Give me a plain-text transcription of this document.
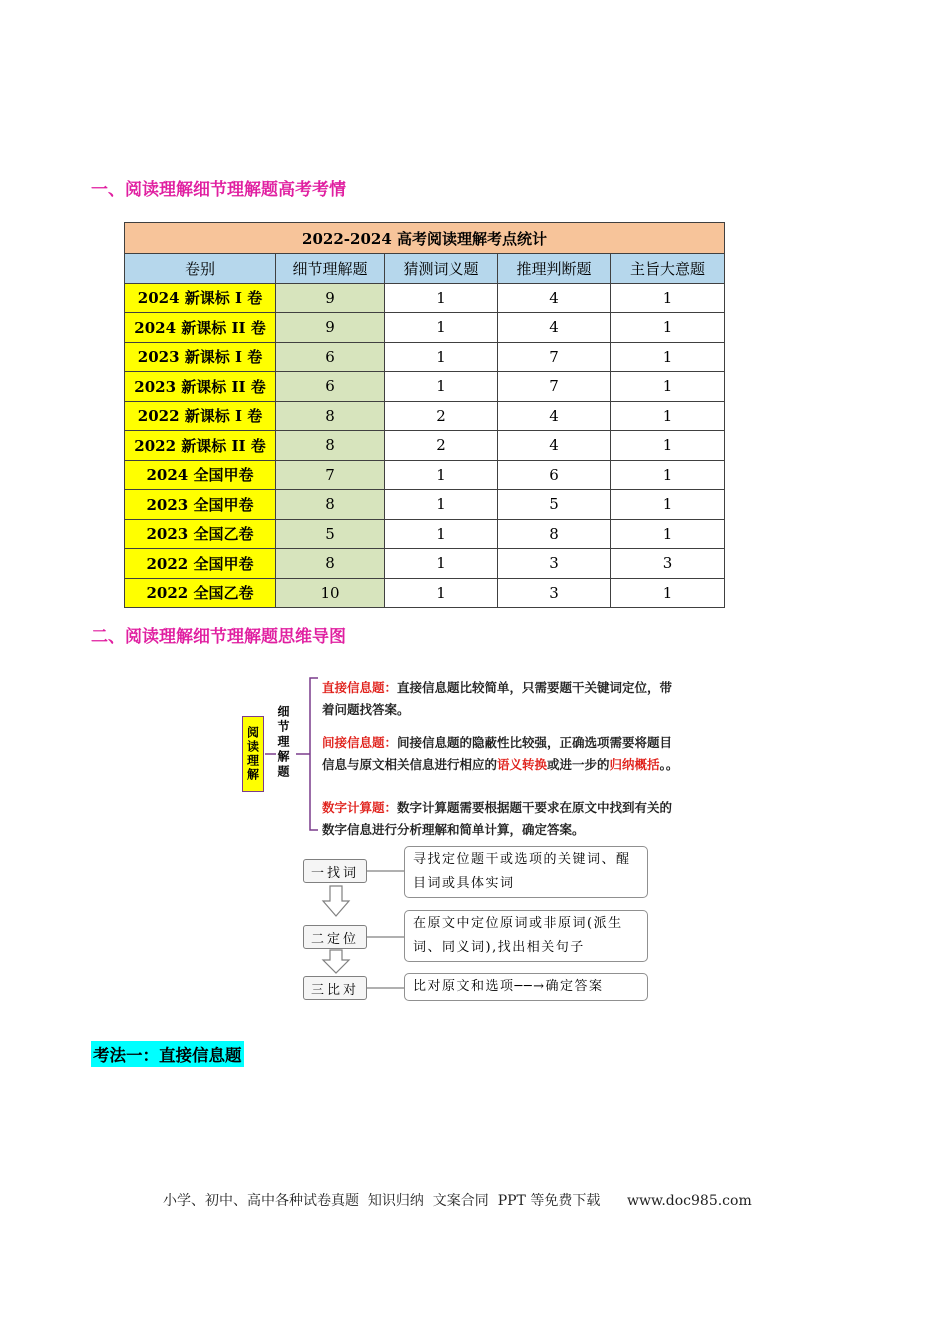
一、阅读理解细节理解题高考考情
2022-2024 高考阅读理解考点统计				
卷别	细节理解题	猜测词义题	推理判断题	主旨大意题
2024 新课标 I 卷	9	1	4	1
2024 新课标 II 卷	9	1	4	1
2023 新课标 I 卷	6	1	7	1
2023 新课标 II 卷	6	1	7	1
2022 新课标 I 卷	8	2	4	1
2022 新课标 II 卷	8	2	4	1
2024 全国甲卷	7	1	6	1
2023 全国甲卷	8	1	5	1
2023 全国乙卷	5	1	8	1
2022 全国甲卷	8	1	3	3
2022 全国乙卷	10	1	3	1
二、阅读理解细节理解题思维导图
阅读理解	细节理解题
直接信息题：直接信息题比较简单，只需要题干关键词定位，带着问题找答案。
间接信息题：间接信息题的隐蔽性比较强，正确选项需要将题目信息与原文相关信息进行相应的语义转换或进一步的归纳概括。。
数字计算题：数字计算题需要根据题干要求在原文中找到有关的数字信息进行分析理解和简单计算，确定答案。
一找词
寻找定位题干或选项的关键词、醒目词或具体实词
二定位
在原文中定位原词或非原词(派生词、同义词),找出相关句子
三比对	比对原文和选项──→确定答案
考法一：直接信息题
小学、初中、高中各种试卷真题  知识归纳  文案合同  PPT 等免费下载      www.doc985.com
